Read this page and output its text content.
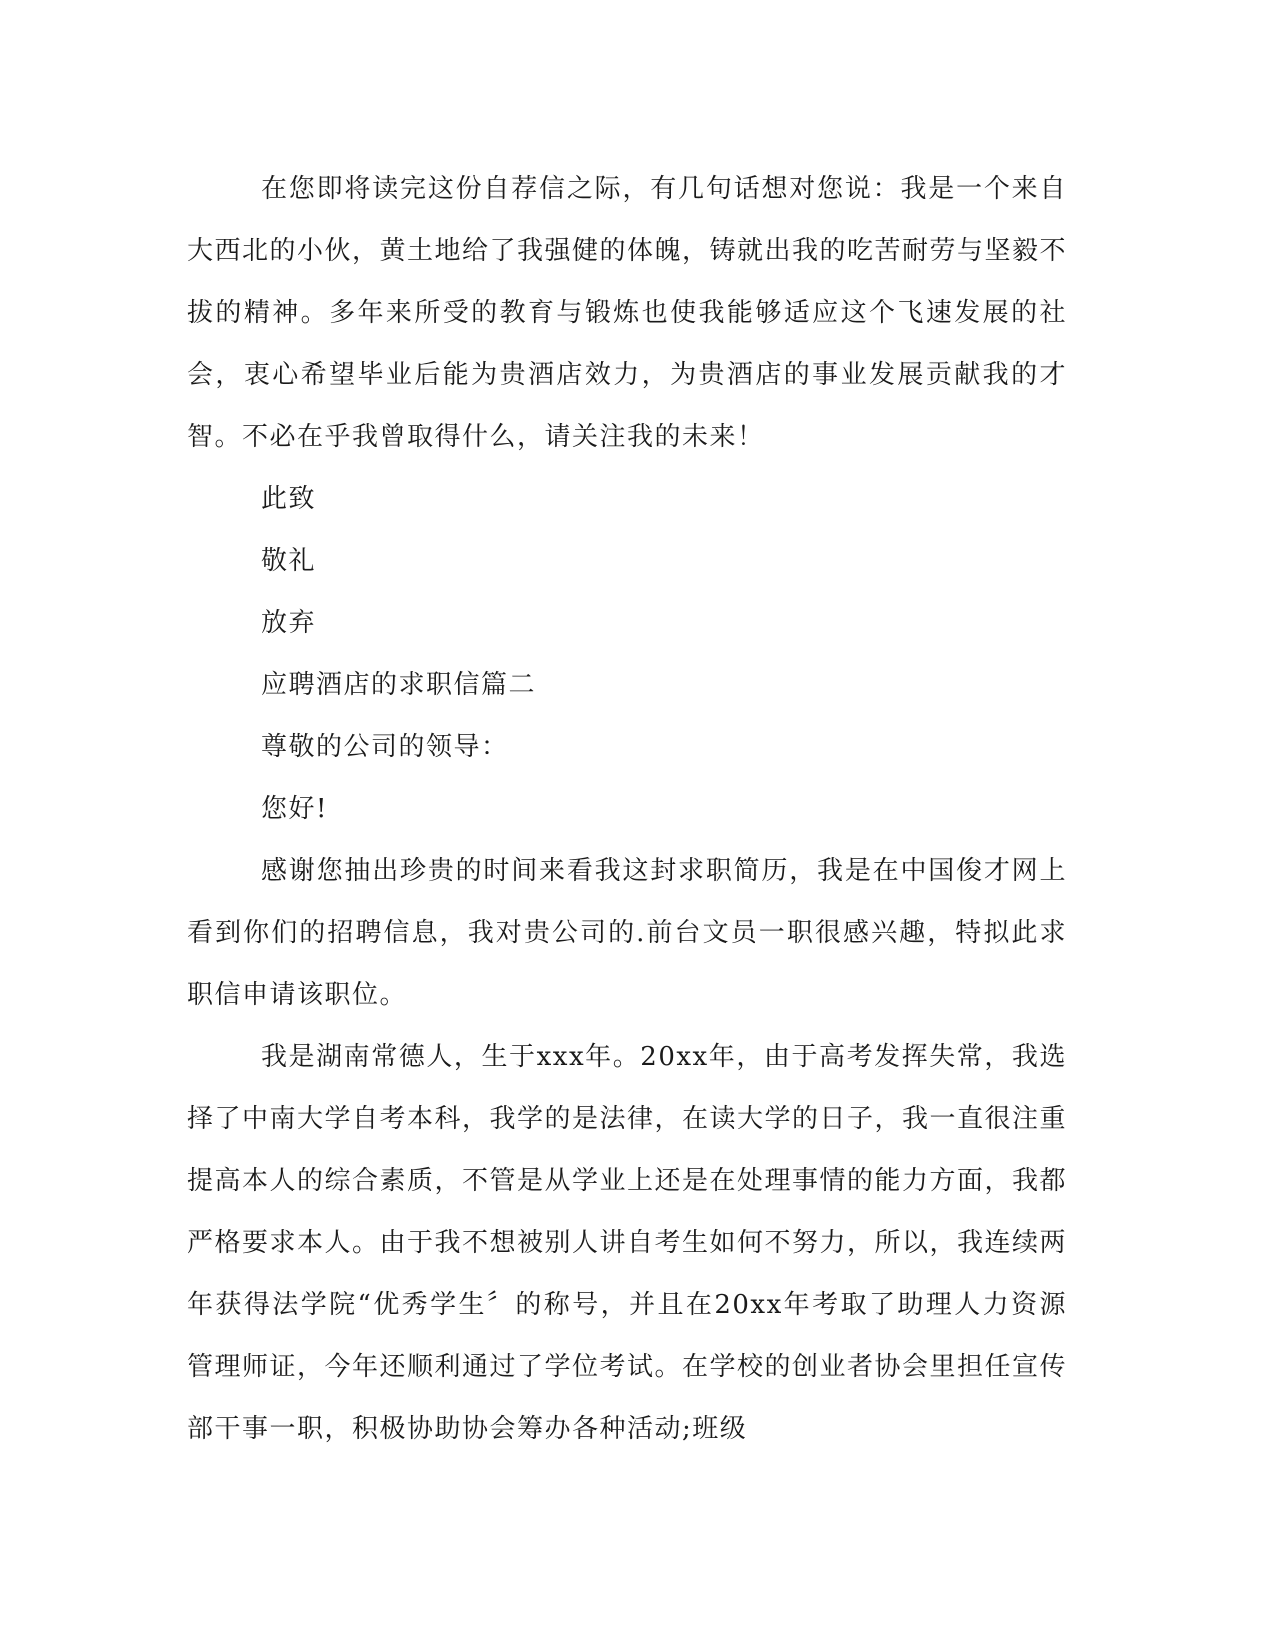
在您即将读完这份自荐信之际，有几句话想对您说：我是一个来自大西北的小伙，黄土地给了我强健的体魄，铸就出我的吃苦耐劳与坚毅不拔的精神。多年来所受的教育与锻炼也使我能够适应这个飞速发展的社会，衷心希望毕业后能为贵酒店效力，为贵酒店的事业发展贡献我的才智。不必在乎我曾取得什么，请关注我的未来！

此致

敬礼

放弃

应聘酒店的求职信篇二

尊敬的公司的领导：

您好!

感谢您抽出珍贵的时间来看我这封求职简历，我是在中国俊才网上看到你们的招聘信息，我对贵公司的.前台文员一职很感兴趣，特拟此求职信申请该职位。

我是湖南常德人，生于xxx年。20xx年，由于高考发挥失常，我选择了中南大学自考本科，我学的是法律，在读大学的日子，我一直很注重提高本人的综合素质，不管是从学业上还是在处理事情的能力方面，我都严格要求本人。由于我不想被别人讲自考生如何不努力，所以，我连续两年获得法学院“优秀学生〞的称号，并且在20xx年考取了助理人力资源管理师证，今年还顺利通过了学位考试。在学校的创业者协会里担任宣传部干事一职，积极协助协会筹办各种活动;班级
